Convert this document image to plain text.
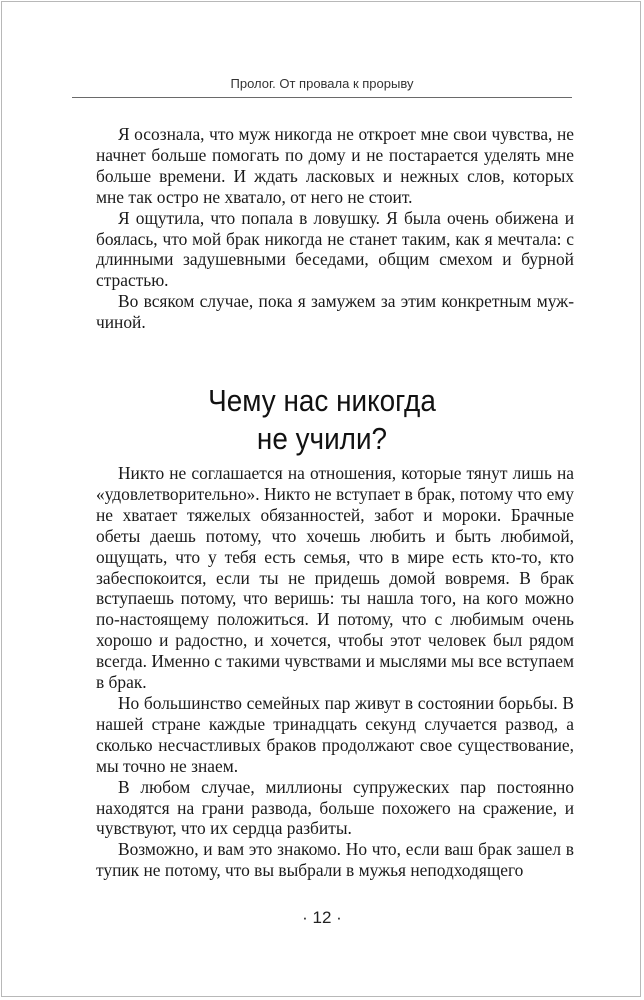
Пролог. От провала к прорыву

Я осознала, что муж никогда не откроет мне свои чувства, не начнет больше помогать по дому и не постарается уделять мне больше времени. И ждать ласковых и нежных слов, которых мне так остро не хватало, от него не стоит.

Я ощутила, что попала в ловушку. Я была очень обижена и боялась, что мой брак никогда не станет таким, как я мечтала: с длинными задушевными беседами, общим смехом и бурной страстью.

Во всяком случае, пока я замужем за этим конкретным мужчиной.

Чему нас никогда
не учили?

Никто не соглашается на отношения, которые тянут лишь на «удовлетворительно». Никто не вступает в брак, потому что ему не хватает тяжелых обязанностей, забот и мороки. Брачные обеты даешь потому, что хочешь любить и быть любимой, ощущать, что у тебя есть семья, что в мире есть кто-то, кто забеспокоится, если ты не придешь домой вовремя. В брак вступаешь потому, что веришь: ты нашла того, на кого можно по-настоящему положиться. И потому, что с любимым очень хорошо и радостно, и хочется, чтобы этот человек был рядом всегда. Именно с такими чувствами и мыслями мы все вступаем в брак.

Но большинство семейных пар живут в состоянии борьбы. В нашей стране каждые тринадцать секунд случается развод, а сколько несчастливых браков продолжают свое существование, мы точно не знаем.

В любом случае, миллионы супружеских пар постоянно находятся на грани развода, больше похожего на сражение, и чувствуют, что их сердца разбиты.

Возможно, и вам это знакомо. Но что, если ваш брак зашел в тупик не потому, что вы выбрали в мужья неподходящего

· 12 ·
